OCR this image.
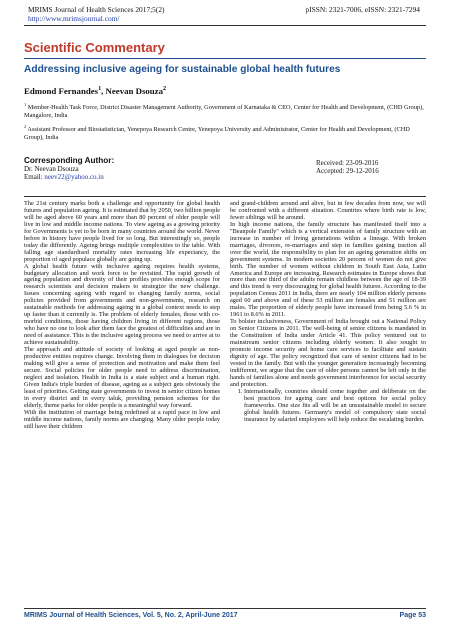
MRIMS Journal of Health Sciences 2017;5(2)
http://www.mrimsjournal.com/
pISSN: 2321-7006, eISSN: 2321-7294
Scientific Commentary
Addressing inclusive ageing for sustainable global health futures
Edmond Fernandes$^1$, Neevan Dsouza$^2$
$^1$ Member-Health Task Force, District Disaster Management Authority, Government of Karnataka & CEO, Center for Health and Development, (CHD Group), Mangalore, India
$^2$ Assistant Professor and Biostatistician, Yenepoya Research Centre, Yenepoya University and Administrator, Center for Health and Development, (CHD Group), India
Corresponding Author:
Dr. Neevan Dsouza
Email: neev22@yahoo.co.in
Received: 23-09-2016
Accepted: 29-12-2016

The 21st century marks both a challenge and opportunity for global health futures and population ageing. It is estimated that by 2050, two billion people will be aged above 60 years and more than 80 percent of older people will live in low and middle income nations. To view ageing as a growing priority for Governments is yet to be born in many countries around the world. Never before in history have people lived for so long. But interestingly so, people today die differently. Ageing brings multiple complexities to the table. With falling age standardised mortality rates increasing life expectancy, the proportion of aged populace globally are going up.

A global health future with inclusive ageing requires health systems, budgetary allocation and work force to be revisited. The rapid growth of ageing population and diversity of their profiles provides enough scope for research scientists and decision makers to strategize the new challenge. Issues concerning ageing with regard to changing family norms, social policies provided from governments and non-governments, research on sustainable methods for addressing ageing in a global context needs to step up faster than it currently is. The problem of elderly females, those with co-morbid conditions, those having children living in different regions, those who have no one to look after them face the greatest of difficulties and are in need of assistance. This is the inclusive ageing process we need to arrive at to achieve sustainability.

The approach and attitude of society of looking at aged people as non-productive entities requires change. Involving them in dialogues for decision making will give a sense of protection and motivation and make them feel secure. Social policies for older people need to address discrimination, neglect and isolation. Health in India is a state subject and a human right. Given India's triple burden of disease, ageing as a subject gets obviously the least of priorities. Getting state governments to invest in senior citizen homes in every district and in every taluk, providing pension schemes for the elderly, theme parks for older people is a meaningful way forward.

With the institution of marriage being redefined at a rapid pace in low and middle income nations, family norms are changing. Many older people today still have their children

and grand-children around and alive, but in few decades from now, we will be confronted with a different situation. Countries where birth rate is low, fewer siblings will be around.

In high income nations, the family structure has manifested itself into a "Beanpole Family" which is a vertical extension of family structure with an increase in number of living generations within a lineage. With broken marriages, divorces, re-marriages and step in families gaining traction all over the world, the responsibility to plan for an ageing generation shifts on government systems. In modern societies 20 percent of women do not give birth. The number of women without children in South East Asia, Latin America and Europe are increasing. Research estimates in Europe shows that more than one third of the adults remain childless between the age of 18-39 and this trend is very discouraging for global health futures. According to the population Census 2011 in India, there are nearly 104 million elderly persons aged 60 and above and of these 53 million are females and 51 million are males. The proportion of elderly people have increased from being 5.6 % in 1961 to 8.6% in 2011.

To bolster inclusiveness, Government of India brought out a National Policy on Senior Citizens in 2011. The well-being of senior citizens is mandated in the Constitution of India under Article 41. This policy ventured out to mainstream senior citizens including elderly women. It also sought to promote income security and home care services to facilitate and sustain dignity of age. The policy recognized that care of senior citizens had to be vested in the family. But with the younger generation increasingly becoming indifferent, we argue that the care of older persons cannot be left only in the hands of families alone and needs government interference for social security and protection.

1. Internationally, countries should come together and deliberate on the best practices for ageing care and best options for social policy frameworks. One size fits all will be an unsustainable model to secure global health futures. Germany's model of compulsory state social insurance by salaried employees will help reduce the escalating burden.
MRIMS Journal of Health Sciences, Vol. 5, No. 2, April-June 2017	Page 53
